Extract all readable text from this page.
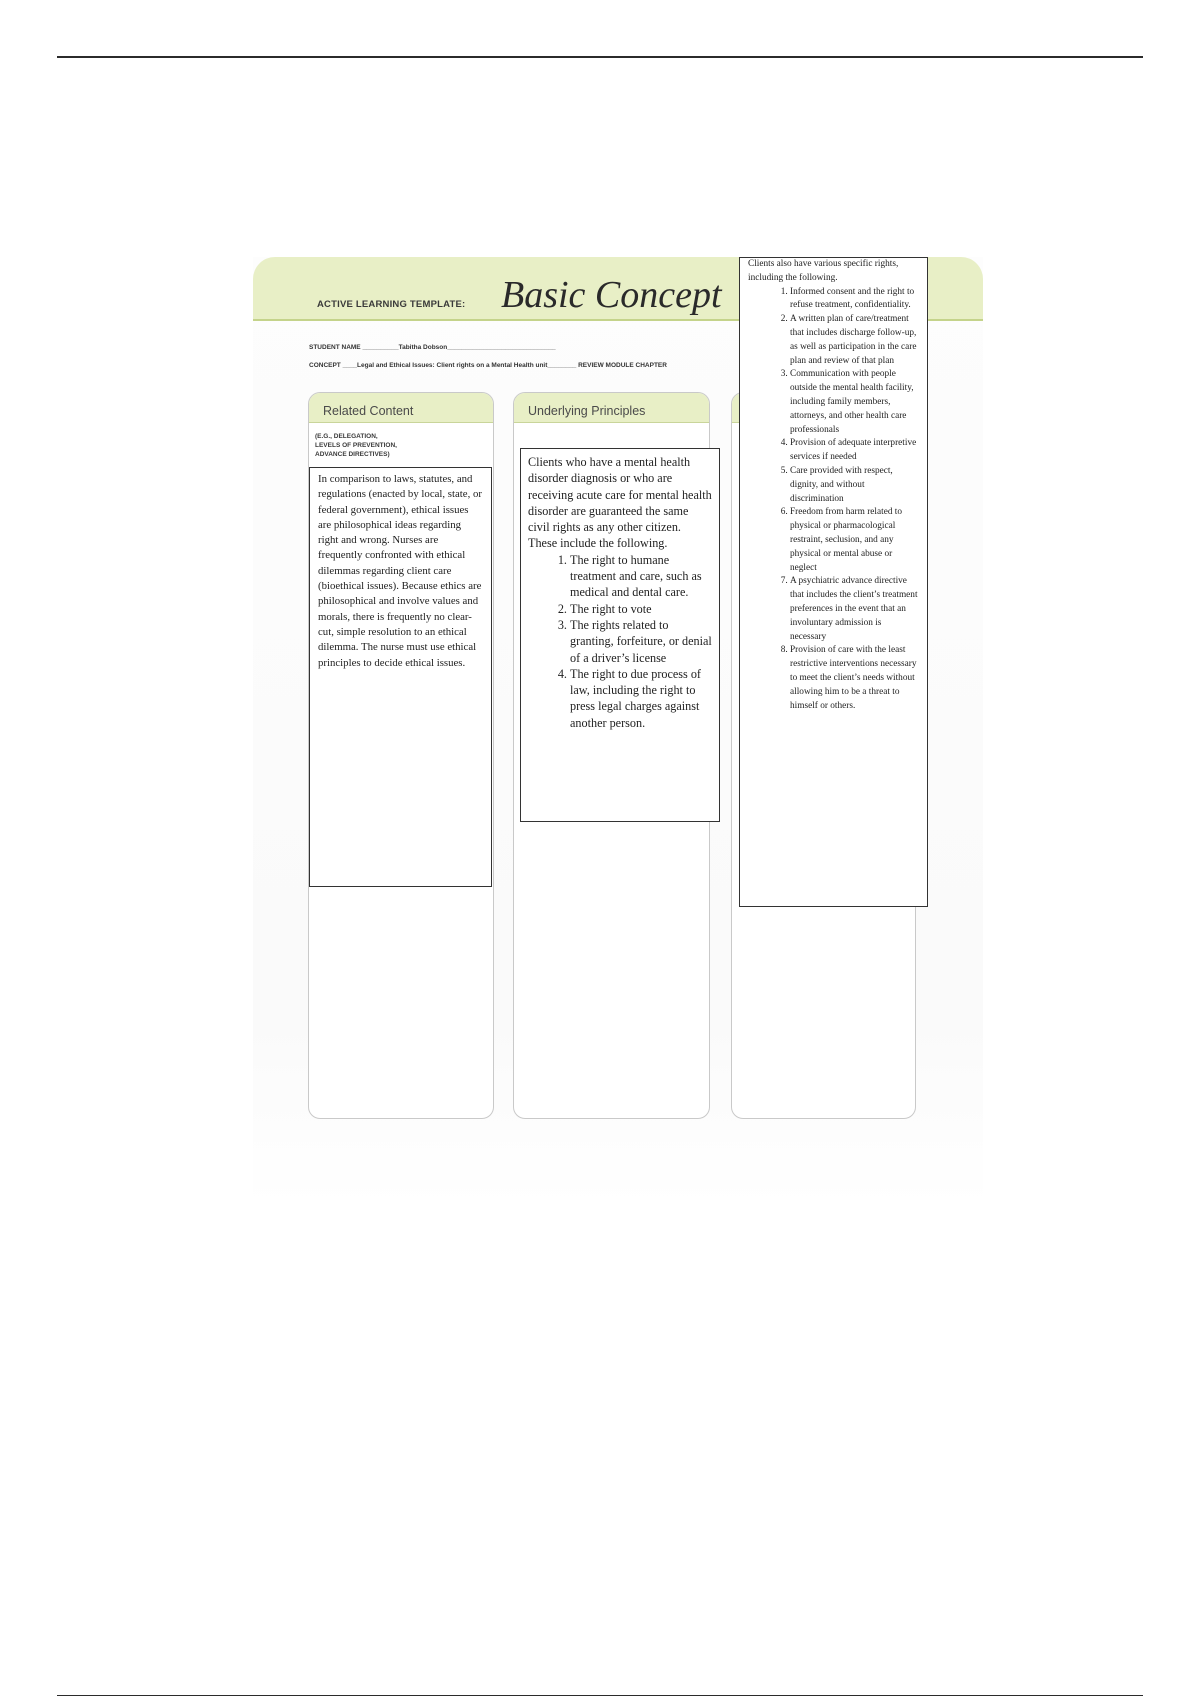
ACTIVE LEARNING TEMPLATE: Basic Concept
STUDENT NAME __________Tabitha Dobson______________________________
CONCEPT ____Legal and Ethical Issues: Client rights on a Mental Health unit________ REVIEW MODULE CHAPTER
Related Content	Underlying Principles
(E.G., DELEGATION,
LEVELS OF PREVENTION,
ADVANCE DIRECTIVES)
In comparison to laws, statutes, and regulations (enacted by local, state, or federal government), ethical issues are philosophical ideas regarding right and wrong. Nurses are frequently confronted with ethical dilemmas regarding client care (bioethical issues). Because ethics are philosophical and involve values and morals, there is frequently no clear-cut, simple resolution to an ethical dilemma. The nurse must use ethical principles to decide ethical issues.
Clients who have a mental health disorder diagnosis or who are receiving acute care for mental health disorder are guaranteed the same civil rights as any other citizen. These include the following.
1. The right to humane treatment and care, such as medical and dental care.
2. The right to vote
3. The rights related to granting, forfeiture, or denial of a driver’s license
4. The right to due process of law, including the right to press legal charges against another person.
Clients also have various specific rights, including the following.
1. Informed consent and the right to refuse treatment, confidentiality.
2. A written plan of care/treatment that includes discharge follow-up, as well as participation in the care plan and review of that plan
3. Communication with people outside the mental health facility, including family members, attorneys, and other health care professionals
4. Provision of adequate interpretive services if needed
5. Care provided with respect, dignity, and without discrimination
6. Freedom from harm related to physical or pharmacological restraint, seclusion, and any physical or mental abuse or neglect
7. A psychiatric advance directive that includes the client’s treatment preferences in the event that an involuntary admission is necessary
8. Provision of care with the least restrictive interventions necessary to meet the client’s needs without allowing him to be a threat to himself or others.
